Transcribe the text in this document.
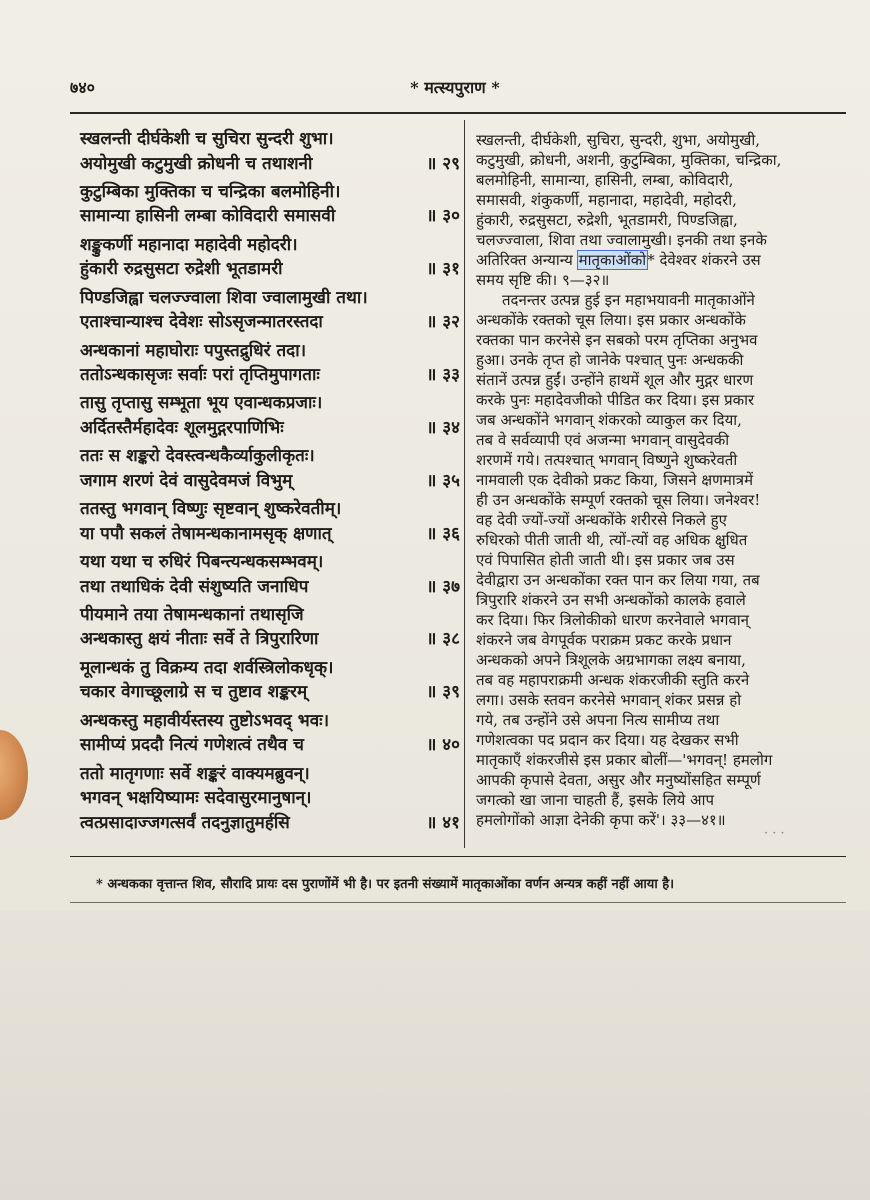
७४०	* मत्स्यपुराण *
स्खलन्ती दीर्घकेशी च सुचिरा सुन्दरी शुभा।
अयोमुखी कटुमुखी क्रोधनी च तथाशनी	॥ २९
कुटुम्बिका मुक्तिका च चन्द्रिका बलमोहिनी।
सामान्या हासिनी लम्बा कोविदारी समासवी	॥ ३०
शङ्कुकर्णी महानादा महादेवी महोदरी।
हुंकारी रुद्रसुसटा रुद्रेशी भूतडामरी	॥ ३१
पिण्डजिह्वा चलज्ज्वाला शिवा ज्वालामुखी तथा।
एताश्चान्याश्च देवेशः सोऽसृजन्मातरस्तदा	॥ ३२
अन्धकानां महाघोराः पपुस्तद्रुधिरं तदा।
ततोऽन्धकासृजः सर्वाः परां तृप्तिमुपागताः	॥ ३३
तासु तृप्तासु सम्भूता भूय एवान्धकप्रजाः।
अर्दितस्तैर्महादेवः शूलमुद्गरपाणिभिः	॥ ३४
ततः स शङ्करो देवस्त्वन्धकैर्व्याकुलीकृतः।
जगाम शरणं देवं वासुदेवमजं विभुम्	॥ ३५
ततस्तु भगवान् विष्णुः सृष्टवान् शुष्करेवतीम्।
या पपौ सकलं तेषामन्धकानामसृक् क्षणात्	॥ ३६
यथा यथा च रुधिरं पिबन्त्यन्धकसम्भवम्।
तथा तथाधिकं देवी संशुष्यति जनाधिप	॥ ३७
पीयमाने तया तेषामन्धकानां तथासृजि
अन्धकास्तु क्षयं नीताः सर्वे ते त्रिपुरारिणा	॥ ३८
मूलान्धकं तु विक्रम्य तदा शर्वस्त्रिलोकधृक्।
चकार वेगाच्छूलाग्रे स च तुष्टाव शङ्करम्	॥ ३९
अन्धकस्तु महावीर्यस्तस्य तुष्टोऽभवद् भवः।
सामीप्यं प्रददौ नित्यं गणेशत्वं तथैव च	॥ ४०
ततो मातृगणाः सर्वे शङ्करं वाक्यमब्रुवन्।
भगवन् भक्षयिष्यामः सदेवासुरमानुषान्।
त्वत्प्रसादाज्जगत्सर्वं तदनुज्ञातुमर्हसि	॥ ४१
स्खलन्ती, दीर्घकेशी, सुचिरा, सुन्दरी, शुभा, अयोमुखी,
कटुमुखी, क्रोधनी, अशनी, कुटुम्बिका, मुक्तिका, चन्द्रिका,
बलमोहिनी, सामान्या, हासिनी, लम्बा, कोविदारी,
समासवी, शंकुकर्णी, महानादा, महादेवी, महोदरी,
हुंकारी, रुद्रसुसटा, रुद्रेशी, भूतडामरी, पिण्डजिह्वा,
चलज्ज्वाला, शिवा तथा ज्वालामुखी। इनकी तथा इनके
अतिरिक्त अन्यान्य मातृकाओंको* देवेश्वर शंकरने उस
समय सृष्टि की। ९—३२॥
तदनन्तर उत्पन्न हुई इन महाभयावनी मातृकाओंने
अन्धकोंके रक्तको चूस लिया। इस प्रकार अन्धकोंके
रक्तका पान करनेसे इन सबको परम तृप्तिका अनुभव
हुआ। उनके तृप्त हो जानेके पश्चात् पुनः अन्धककी
संतानें उत्पन्न हुईं। उन्होंने हाथमें शूल और मुद्गर धारण
करके पुनः महादेवजीको पीडित कर दिया। इस प्रकार
जब अन्धकोंने भगवान् शंकरको व्याकुल कर दिया,
तब वे सर्वव्यापी एवं अजन्मा भगवान् वासुदेवकी
शरणमें गये। तत्पश्चात् भगवान् विष्णुने शुष्करेवती
नामवाली एक देवीको प्रकट किया, जिसने क्षणमात्रमें
ही उन अन्धकोंके सम्पूर्ण रक्तको चूस लिया। जनेश्वर!
वह देवी ज्यों-ज्यों अन्धकोंके शरीरसे निकले हुए
रुधिरको पीती जाती थी, त्यों-त्यों वह अधिक क्षुधित
एवं पिपासित होती जाती थी। इस प्रकार जब उस
देवीद्वारा उन अन्धकोंका रक्त पान कर लिया गया, तब
त्रिपुरारि शंकरने उन सभी अन्धकोंको कालके हवाले
कर दिया। फिर त्रिलोकीको धारण करनेवाले भगवान्
शंकरने जब वेगपूर्वक पराक्रम प्रकट करके प्रधान
अन्धकको अपने त्रिशूलके अग्रभागका लक्ष्य बनाया,
तब वह महापराक्रमी अन्धक शंकरजीकी स्तुति करने
लगा। उसके स्तवन करनेसे भगवान् शंकर प्रसन्न हो
गये, तब उन्होंने उसे अपना नित्य सामीप्य तथा
गणेशत्वका पद प्रदान कर दिया। यह देखकर सभी
मातृकाएँ शंकरजीसे इस प्रकार बोलीं—'भगवन्! हमलोग
आपकी कृपासे देवता, असुर और मनुष्योंसहित सम्पूर्ण
जगत्को खा जाना चाहती हैं, इसके लिये आप
हमलोगोंको आज्ञा देनेकी कृपा करें'। ३३—४१॥
· · ·
* अन्धकका वृत्तान्त शिव, सौरादि प्रायः दस पुराणोंमें भी है। पर इतनी संख्यामें मातृकाओंका वर्णन अन्यत्र कहीं नहीं आया है।
